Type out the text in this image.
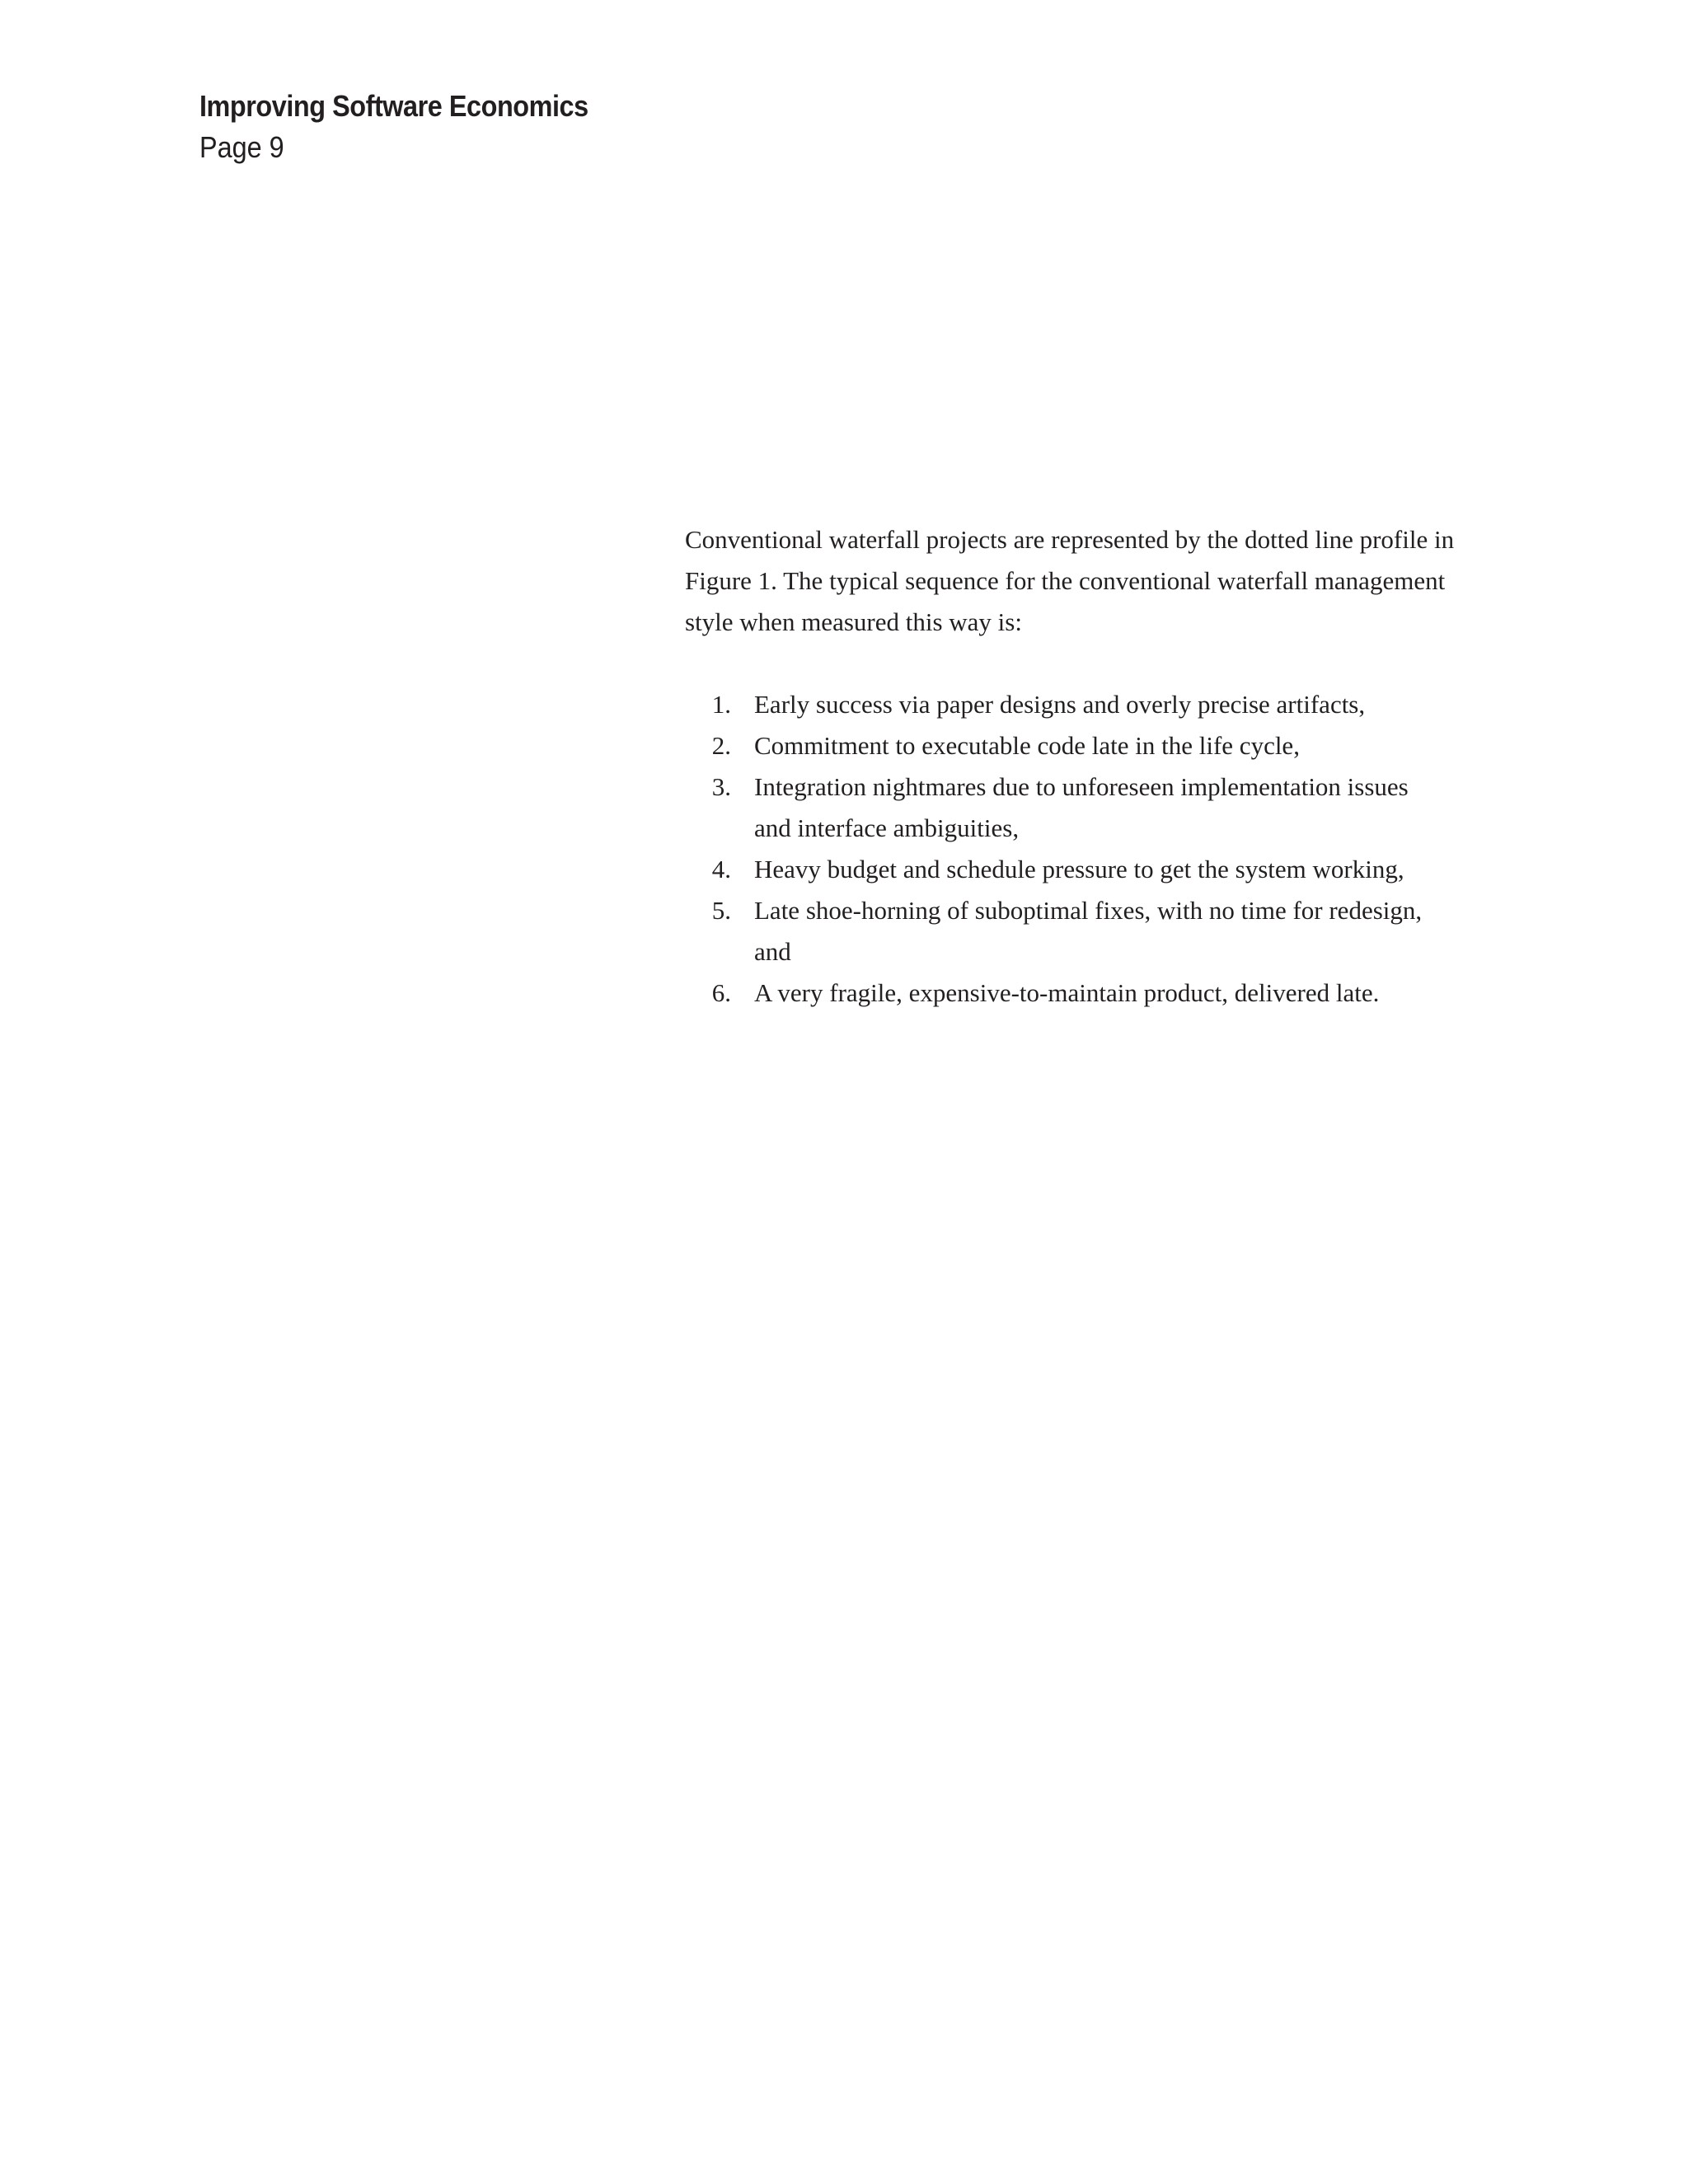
Improving Software Economics
Page 9

Conventional waterfall projects are represented by the dotted line profile in
Figure 1. The typical sequence for the conventional waterfall management
style when measured this way is:

1. Early success via paper designs and overly precise artifacts,
2. Commitment to executable code late in the life cycle,
3. Integration nightmares due to unforeseen implementation issues
and interface ambiguities,
4. Heavy budget and schedule pressure to get the system working,
5. Late shoe-horning of suboptimal fixes, with no time for redesign,
and
6. A very fragile, expensive-to-maintain product, delivered late.
